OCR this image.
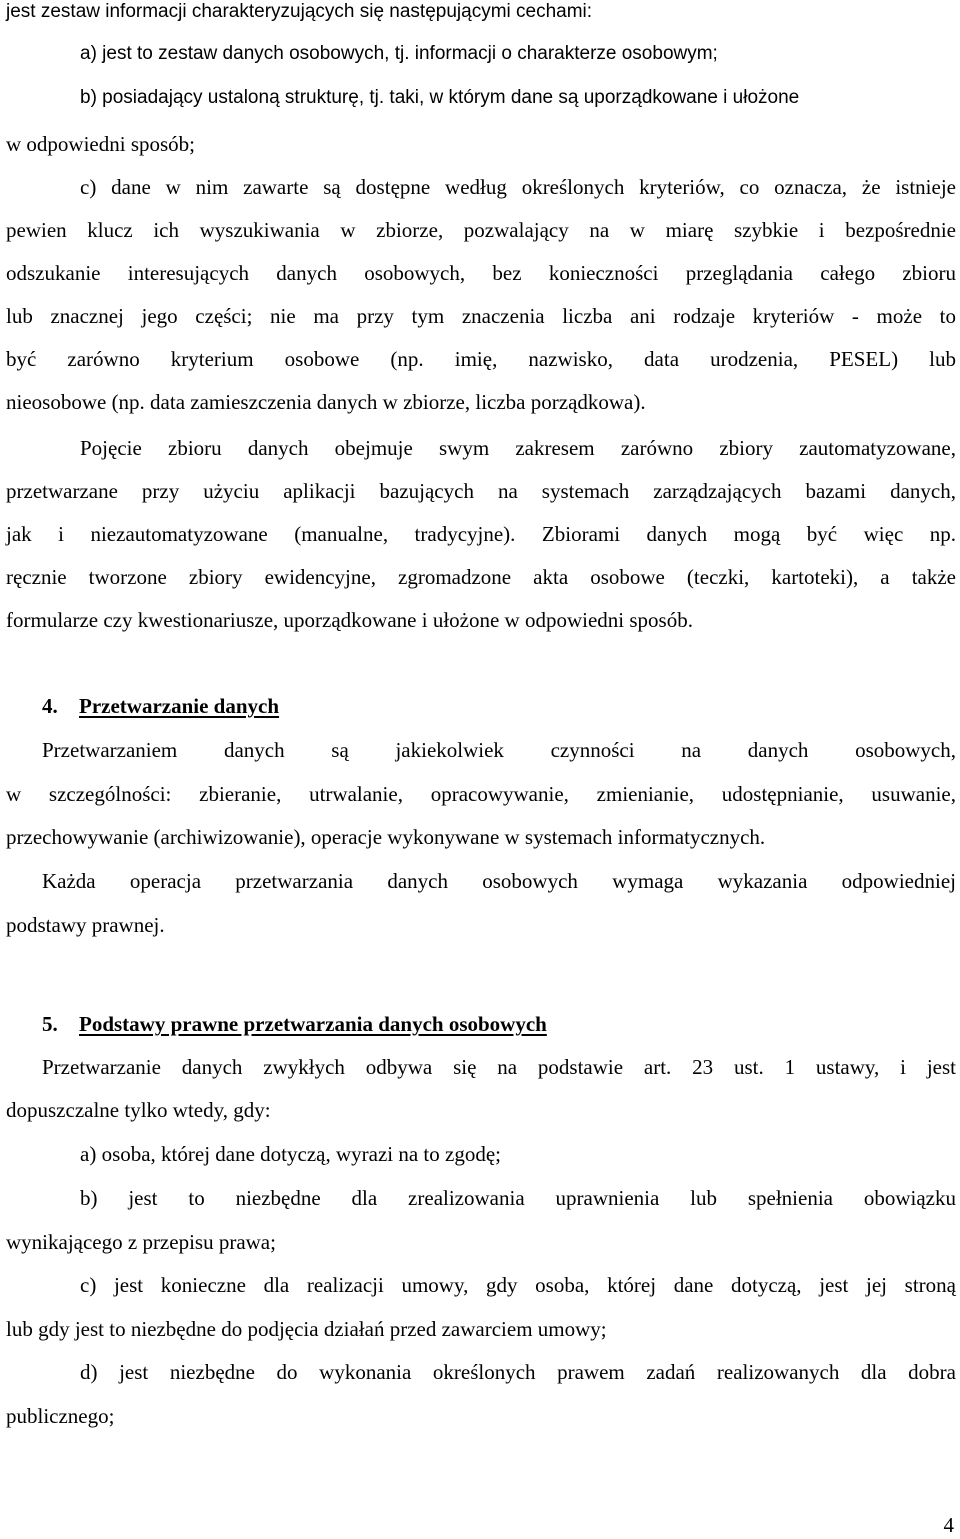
jest zestaw informacji charakteryzujących się następującymi cechami:

a) jest to zestaw danych osobowych, tj. informacji o charakterze osobowym;

b) posiadający ustaloną strukturę, tj. taki, w którym dane są uporządkowane i ułożone

w odpowiedni sposób;

c) dane w nim zawarte są dostępne według określonych kryteriów, co oznacza, że istnieje

pewien klucz ich wyszukiwania w zbiorze, pozwalający na w miarę szybkie i bezpośrednie

odszukanie interesujących danych osobowych, bez konieczności przeglądania całego zbioru

lub znacznej jego części; nie ma przy tym znaczenia liczba ani rodzaje kryteriów - może to

być zarówno kryterium osobowe (np. imię, nazwisko, data urodzenia, PESEL) lub

nieosobowe (np. data zamieszczenia danych w zbiorze, liczba porządkowa).

Pojęcie zbioru danych obejmuje swym zakresem zarówno zbiory zautomatyzowane,

przetwarzane przy użyciu aplikacji bazujących na systemach zarządzających bazami danych,

jak i niezautomatyzowane (manualne, tradycyjne). Zbiorami danych mogą być więc np.

ręcznie tworzone zbiory ewidencyjne, zgromadzone akta osobowe (teczki, kartoteki), a także

formularze czy kwestionariusze, uporządkowane i ułożone w odpowiedni sposób.

4. Przetwarzanie danych

Przetwarzaniem danych są jakiekolwiek czynności na danych osobowych,

w szczególności: zbieranie, utrwalanie, opracowywanie, zmienianie, udostępnianie, usuwanie,

przechowywanie (archiwizowanie), operacje wykonywane w systemach informatycznych.

Każda operacja przetwarzania danych osobowych wymaga wykazania odpowiedniej

podstawy prawnej.

5. Podstawy prawne przetwarzania danych osobowych

Przetwarzanie danych zwykłych odbywa się na podstawie art. 23 ust. 1 ustawy, i jest

dopuszczalne tylko wtedy, gdy:

a) osoba, której dane dotyczą, wyrazi na to zgodę;

b) jest to niezbędne dla zrealizowania uprawnienia lub spełnienia obowiązku

wynikającego z przepisu prawa;

c) jest konieczne dla realizacji umowy, gdy osoba, której dane dotyczą, jest jej stroną

lub gdy jest to niezbędne do podjęcia działań przed zawarciem umowy;

d) jest niezbędne do wykonania określonych prawem zadań realizowanych dla dobra

publicznego;

4
